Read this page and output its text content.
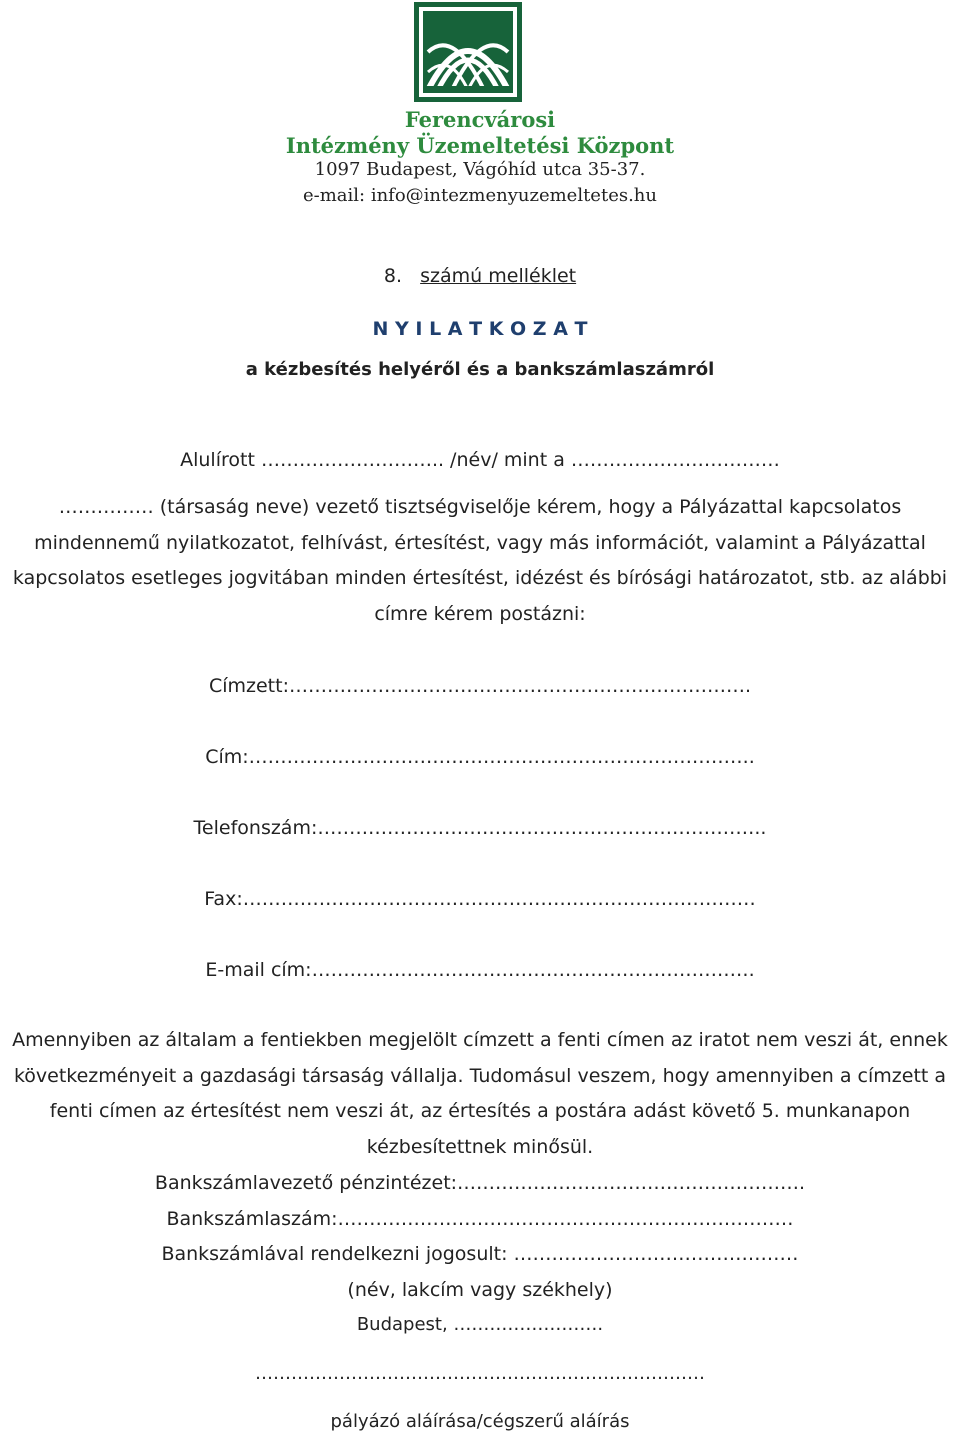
Ferencvárosi
Intézmény Üzemeltetési Központ
1097 Budapest, Vágóhíd utca 35-37.
e-mail: info@intezmenyuzemeltetes.hu
8. számú melléklet
N Y I L A T K O Z A T
a kézbesítés helyéről és a bankszámlaszámról
Alulírott ……………………….. /név/ mint a ……………………………
…………… (társaság neve) vezető tisztségviselője kérem, hogy a Pályázattal kapcsolatos
mindennemű nyilatkozatot, felhívást, értesítést, vagy más információt, valamint a Pályázattal
kapcsolatos esetleges jogvitában minden értesítést, idézést és bírósági határozatot, stb. az alábbi
címre kérem postázni:
Címzett:……………………………………………………………….
Cím:……………………………………………………………………..
Telefonszám:……………………………………………………………..
Fax:………………………………………………………………………
E-mail cím:…………………………………………………………….
Amennyiben az általam a fentiekben megjelölt címzett a fenti címen az iratot nem veszi át, ennek
következményeit a gazdasági társaság vállalja. Tudomásul veszem, hogy amennyiben a címzett a
fenti címen az értesítést nem veszi át, az értesítés a postára adást követő 5. munkanapon
kézbesítettnek minősül.
Bankszámlavezető pénzintézet:……………………………………………….
Bankszámlaszám:………………………………………………………………
Bankszámlával rendelkezni jogosult: ………………………………………
(név, lakcím vagy székhely)
Budapest, …………………….
…………………………………………………………………
pályázó aláírása/cégszerű aláírás
